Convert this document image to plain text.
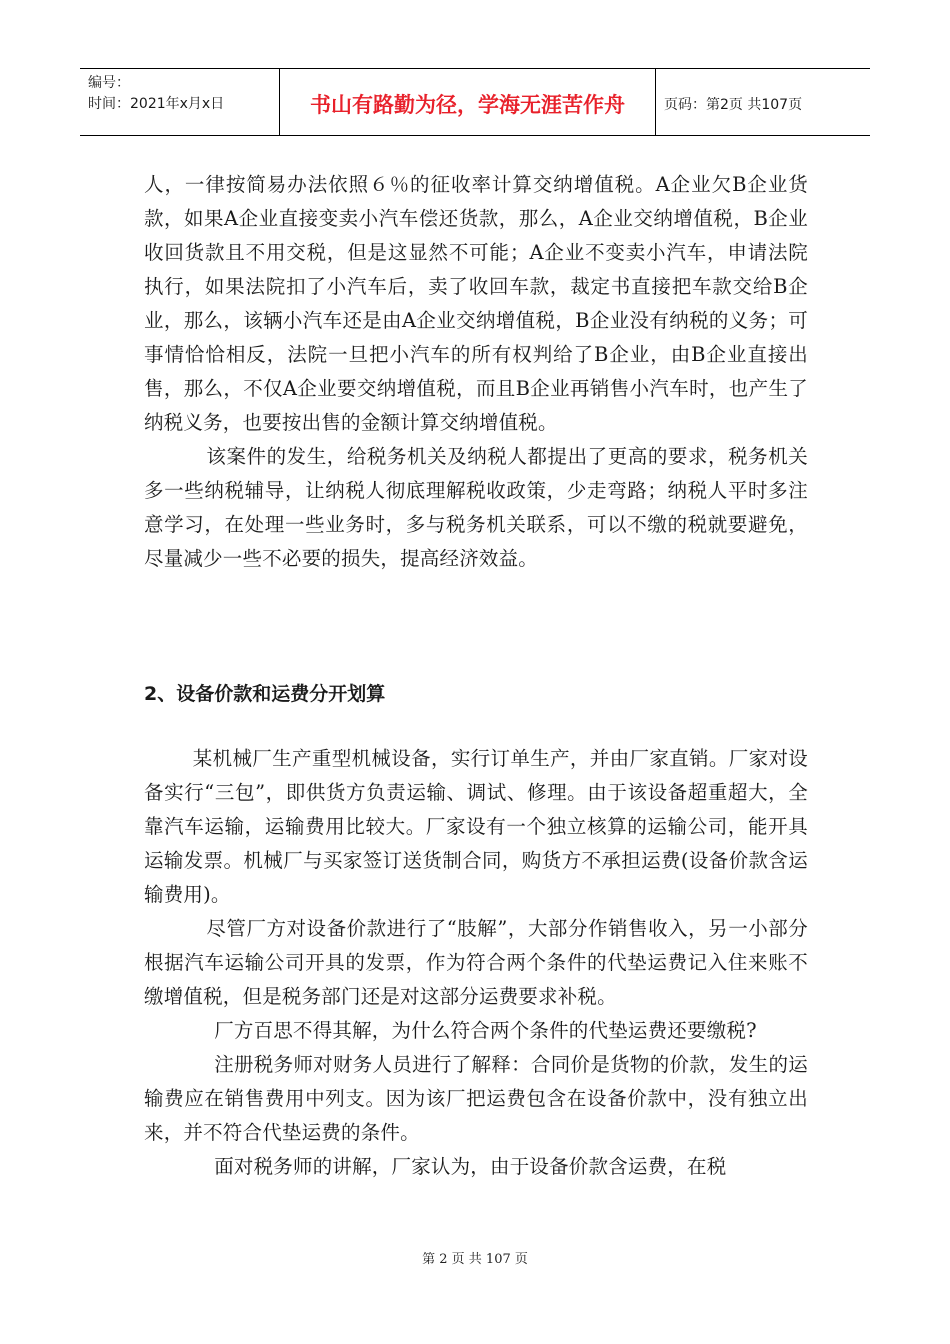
编号：
时间：2021年x月x日	书山有路勤为径，学海无涯苦作舟	页码：第2页 共107页

人，一律按简易办法依照６％的征收率计算交纳增值税。A企业欠B企业货款，如果A企业直接变卖小汽车偿还货款，那么，A企业交纳增值税，B企业收回货款且不用交税，但是这显然不可能；A企业不变卖小汽车，申请法院执行，如果法院扣了小汽车后，卖了收回车款，裁定书直接把车款交给B企业，那么，该辆小汽车还是由A企业交纳增值税，B企业没有纳税的义务；可事情恰恰相反，法院一旦把小汽车的所有权判给了B企业，由B企业直接出售，那么，不仅A企业要交纳增值税，而且B企业再销售小汽车时，也产生了纳税义务，也要按出售的金额计算交纳增值税。

该案件的发生，给税务机关及纳税人都提出了更高的要求，税务机关多一些纳税辅导，让纳税人彻底理解税收政策，少走弯路；纳税人平时多注意学习，在处理一些业务时，多与税务机关联系，可以不缴的税就要避免，尽量减少一些不必要的损失，提高经济效益。

2、设备价款和运费分开划算

某机械厂生产重型机械设备，实行订单生产，并由厂家直销。厂家对设备实行“三包”，即供货方负责运输、调试、修理。由于该设备超重超大，全靠汽车运输，运输费用比较大。厂家设有一个独立核算的运输公司，能开具运输发票。机械厂与买家签订送货制合同，购货方不承担运费(设备价款含运输费用)。

尽管厂方对设备价款进行了“肢解”，大部分作销售收入，另一小部分根据汽车运输公司开具的发票，作为符合两个条件的代垫运费记入住来账不缴增值税，但是税务部门还是对这部分运费要求补税。

厂方百思不得其解，为什么符合两个条件的代垫运费还要缴税?

注册税务师对财务人员进行了解释：合同价是货物的价款，发生的运输费应在销售费用中列支。因为该厂把运费包含在设备价款中，没有独立出来，并不符合代垫运费的条件。

面对税务师的讲解，厂家认为，由于设备价款含运费，在税

第 2 页 共 107 页
